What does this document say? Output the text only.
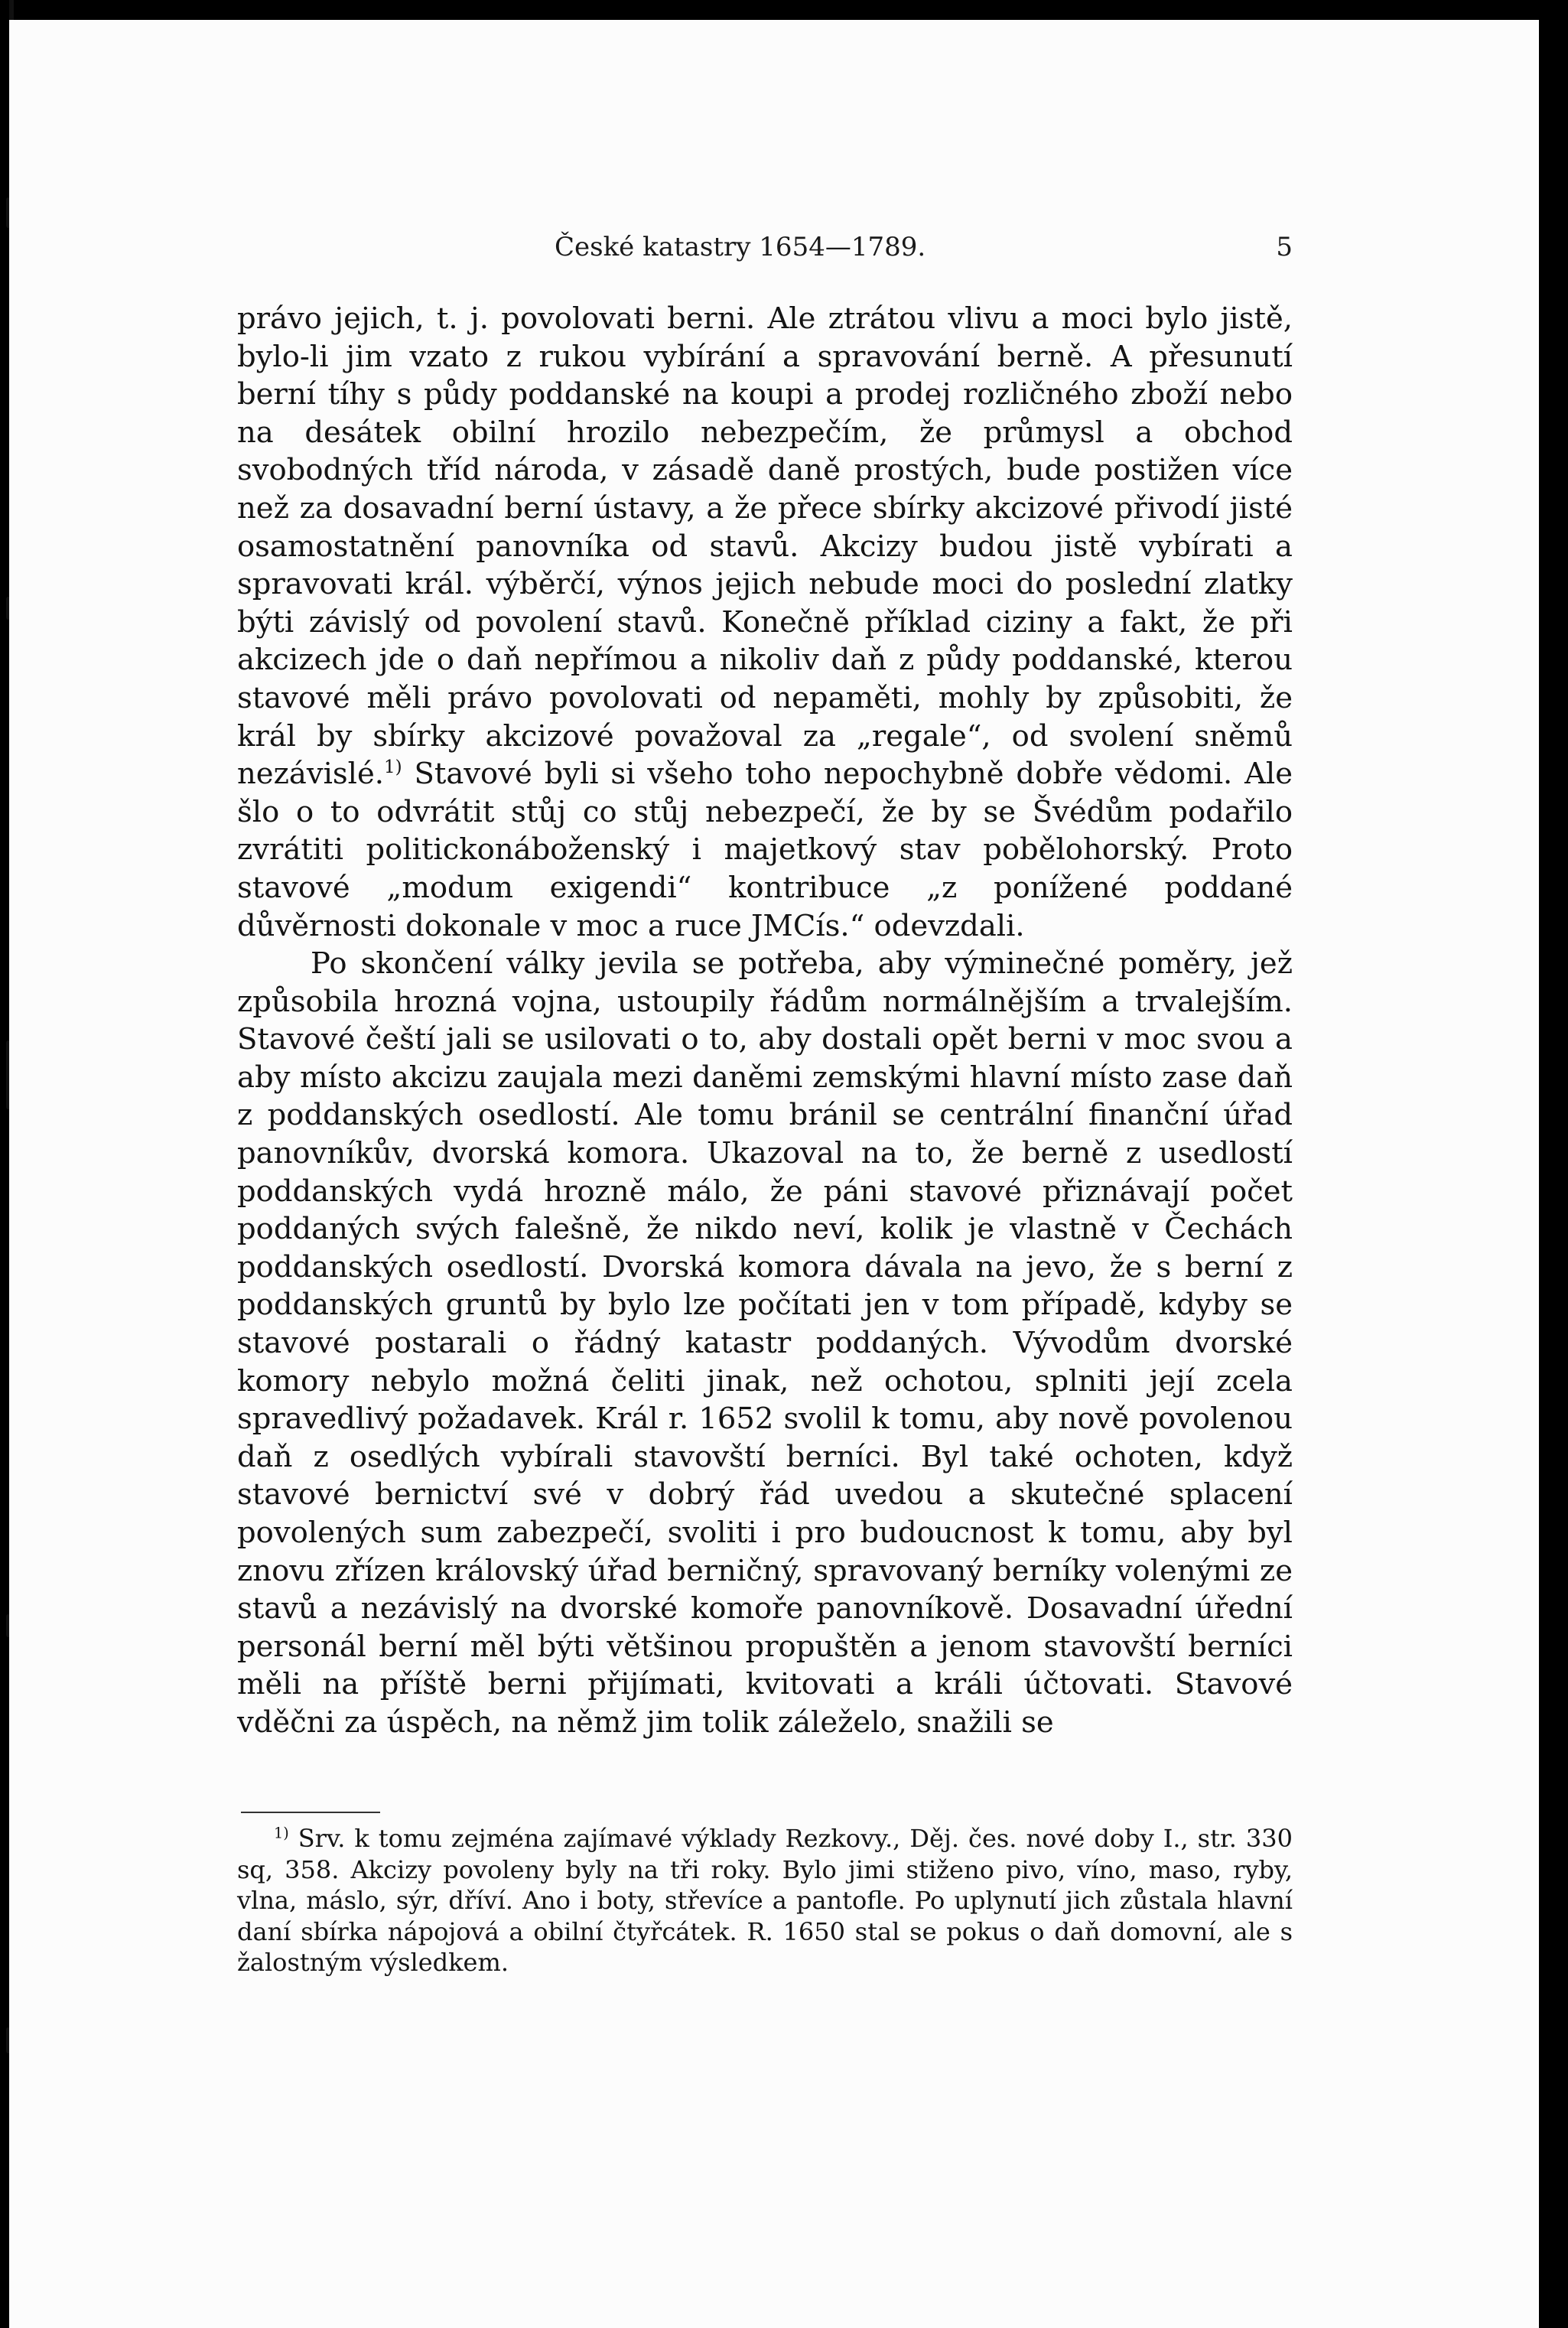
České katastry 1654—1789.	5

právo jejich, t. j. povolovati berni. Ale ztrátou vlivu a moci bylo jistě, bylo-li jim vzato z rukou vybírání a spravování berně. A přesunutí berní tíhy s půdy poddanské na koupi a prodej rozličného zboží nebo na desátek obilní hrozilo nebezpečím, že průmysl a obchod svobodných tříd národa, v zásadě daně prostých, bude postižen více než za dosavadní berní ústavy, a že přece sbírky akcizové přivodí jisté osamostatnění panovníka od stavů. Akcizy budou jistě vybírati a spravovati král. výběrčí, výnos jejich nebude moci do poslední zlatky býti závislý od povolení stavů. Konečně příklad ciziny a fakt, že při akcizech jde o daň nepřímou a nikoliv daň z půdy poddanské, kterou stavové měli právo povolovati od nepaměti, mohly by způsobiti, že král by sbírky akcizové považoval za „regale“, od svolení sněmů nezávislé.$^{1)}$ Stavové byli si všeho toho nepochybně dobře vědomi. Ale šlo o to odvrátit stůj co stůj nebezpečí, že by se Švédům podařilo zvrátiti politickonáboženský i majetkový stav pobělohorský. Proto stavové „modum exigendi“ kontribuce „z ponížené poddané důvěrnosti dokonale v moc a ruce JMCís.“ odevzdali.

Po skončení války jevila se potřeba, aby výminečné poměry, jež způsobila hrozná vojna, ustoupily řádům normálnějším a trvalejším. Stavové čeští jali se usilovati o to, aby dostali opět berni v moc svou a aby místo akcizu zaujala mezi daněmi zemskými hlavní místo zase daň z poddanských osedlostí. Ale tomu bránil se centrální finanční úřad panovníkův, dvorská komora. Ukazoval na to, že berně z usedlostí poddanských vydá hrozně málo, že páni stavové přiznávají počet poddaných svých falešně, že nikdo neví, kolik je vlastně v Čechách poddanských osedlostí. Dvorská komora dávala na jevo, že s berní z poddanských gruntů by bylo lze počítati jen v tom případě, kdyby se stavové postarali o řádný katastr poddaných. Vývodům dvorské komory nebylo možná čeliti jinak, než ochotou, splniti její zcela spravedlivý požadavek. Král r. 1652 svolil k tomu, aby nově povolenou daň z osedlých vybírali stavovští berníci. Byl také ochoten, když stavové bernictví své v dobrý řád uvedou a skutečné splacení povolených sum zabezpečí, svoliti i pro budoucnost k tomu, aby byl znovu zřízen královský úřad berničný, spravovaný berníky volenými ze stavů a nezávislý na dvorské komoře panovníkově. Dosavadní úřední personál berní měl býti většinou propuštěn a jenom stavovští berníci měli na příště berni přijímati, kvitovati a králi účtovati. Stavové vděčni za úspěch, na němž jim tolik záleželo, snažili se

$^{1)}$ Srv. k tomu zejména zajímavé výklady Rezkovy., Děj. čes. nové doby I., str. 330 sq, 358. Akcizy povoleny byly na tři roky. Bylo jimi stiženo pivo, víno, maso, ryby, vlna, máslo, sýr, dříví. Ano i boty, střevíce a pantofle. Po uplynutí jich zůstala hlavní daní sbírka nápojová a obilní čtyřcátek. R. 1650 stal se pokus o daň domovní, ale s žalostným výsledkem.
